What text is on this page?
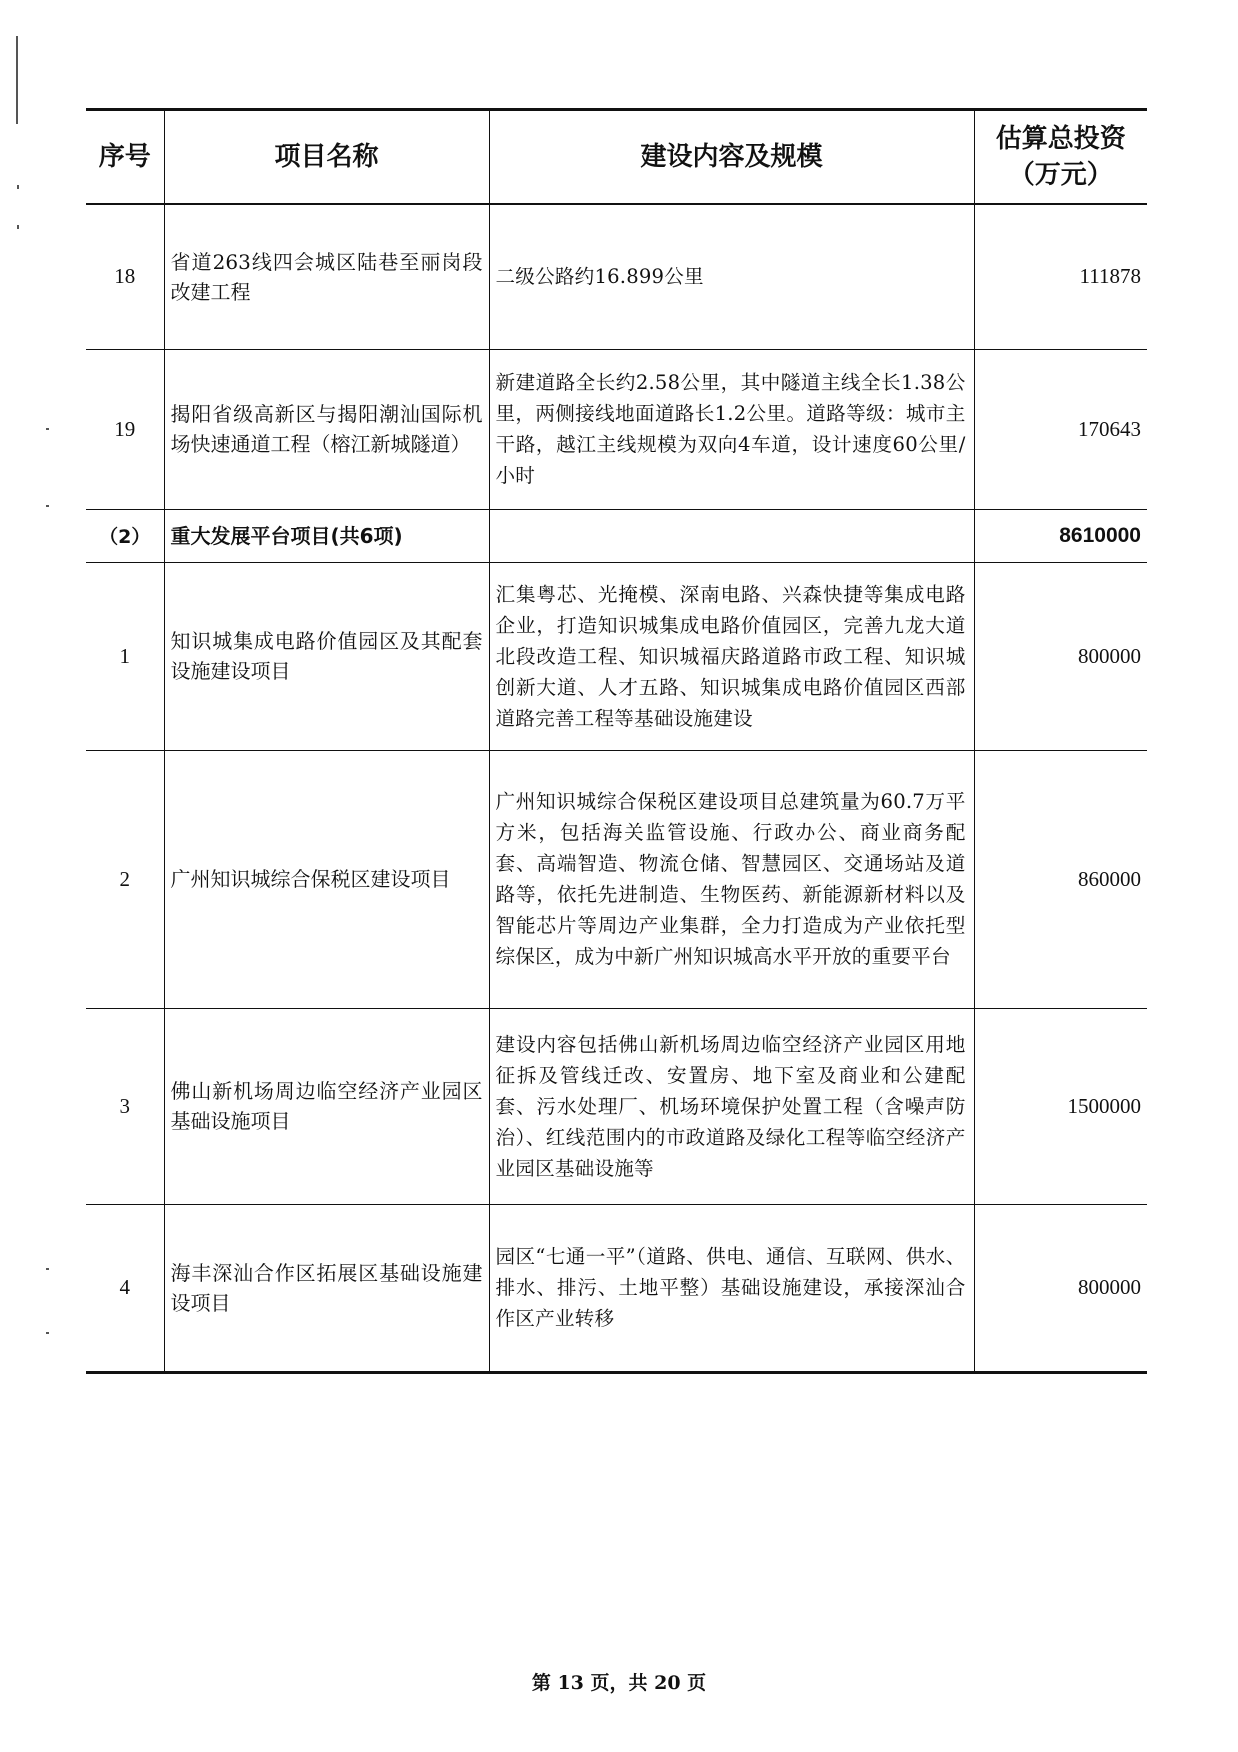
序号	项目名称	建设内容及规模	估算总投资
（万元）

18	省道263线四会城区陆巷至丽岗段改建工程	二级公路约16.899公里	111878
19	揭阳省级高新区与揭阳潮汕国际机场快速通道工程（榕江新城隧道）	新建道路全长约2.58公里，其中隧道主线全长1.38公里，两侧接线地面道路长1.2公里。道路等级：城市主干路，越江主线规模为双向4车道，设计速度60公里/小时	170643
（2）	重大发展平台项目(共6项)		8610000
1	知识城集成电路价值园区及其配套设施建设项目	汇集粤芯、光掩模、深南电路、兴森快捷等集成电路企业，打造知识城集成电路价值园区，完善九龙大道北段改造工程、知识城福庆路道路市政工程、知识城创新大道、人才五路、知识城集成电路价值园区西部道路完善工程等基础设施建设	800000
2	广州知识城综合保税区建设项目	广州知识城综合保税区建设项目总建筑量为60.7万平方米，包括海关监管设施、行政办公、商业商务配套、高端智造、物流仓储、智慧园区、交通场站及道路等，依托先进制造、生物医药、新能源新材料以及智能芯片等周边产业集群，全力打造成为产业依托型综保区，成为中新广州知识城高水平开放的重要平台	860000
3	佛山新机场周边临空经济产业园区基础设施项目	建设内容包括佛山新机场周边临空经济产业园区用地征拆及管线迁改、安置房、地下室及商业和公建配套、污水处理厂、机场环境保护处置工程（含噪声防治）、红线范围内的市政道路及绿化工程等临空经济产业园区基础设施等	1500000
4	海丰深汕合作区拓展区基础设施建设项目	园区“七通一平”（道路、供电、通信、互联网、供水、排水、排污、土地平整）基础设施建设，承接深汕合作区产业转移	800000
第 13 页，共 20 页
